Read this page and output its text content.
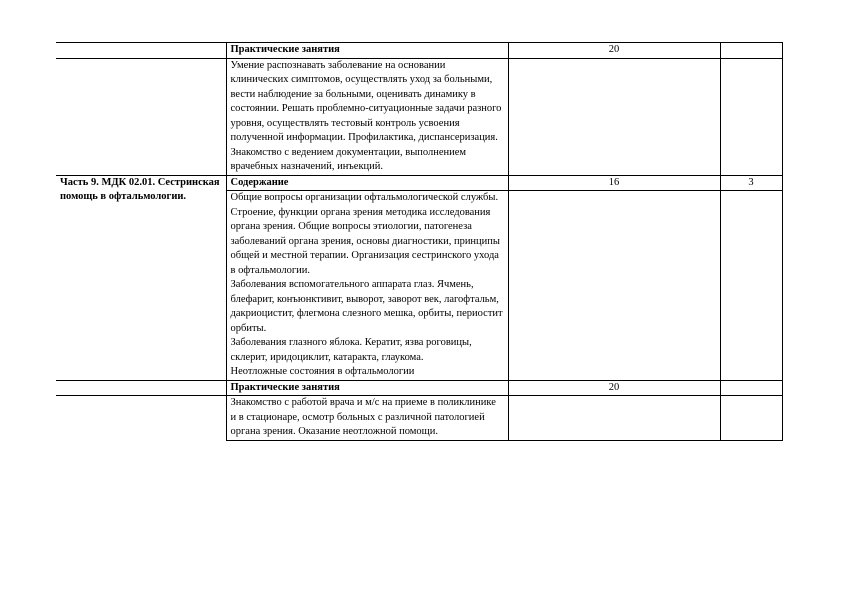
	Практические занятия	20	
	Умение распознавать заболевание на основании клинических симптомов, осуществлять уход за больными, вести наблюдение за больными, оценивать динамику в состоянии. Решать проблемно-ситуационные задачи разного уровня, осуществлять тестовый контроль усвоения полученной информации. Профилактика, диспансеризация. Знакомство с ведением документации, выполнением врачебных назначений, инъекций.		
Часть 9. МДК 02.01. Сестринская помощь в офтальмологии.	Содержание	16	3

	Общие вопросы организации офтальмологической службы. Строение, функции органа зрения методика исследования органа зрения. Общие вопросы этиологии, патогенеза заболеваний органа зрения, основы диагностики, принципы общей и местной терапии. Организация сестринского ухода в офтальмологии.
Заболевания вспомогательного аппарата глаз. Ячмень, блефарит, конъюнктивит, выворот, заворот век, лагофтальм, дакриоцистит, флегмона слезного мешка, орбиты, периостит орбиты.
Заболевания глазного яблока. Кератит, язва роговицы, склерит, иридоциклит, катаракта, глаукома.
Неотложные состояния в офтальмологии		

	Практические занятия	20	
	Знакомство с работой врача и м/с на приеме в поликлинике и в стационаре, осмотр больных с различной патологией органа зрения. Оказание неотложной помощи.		
